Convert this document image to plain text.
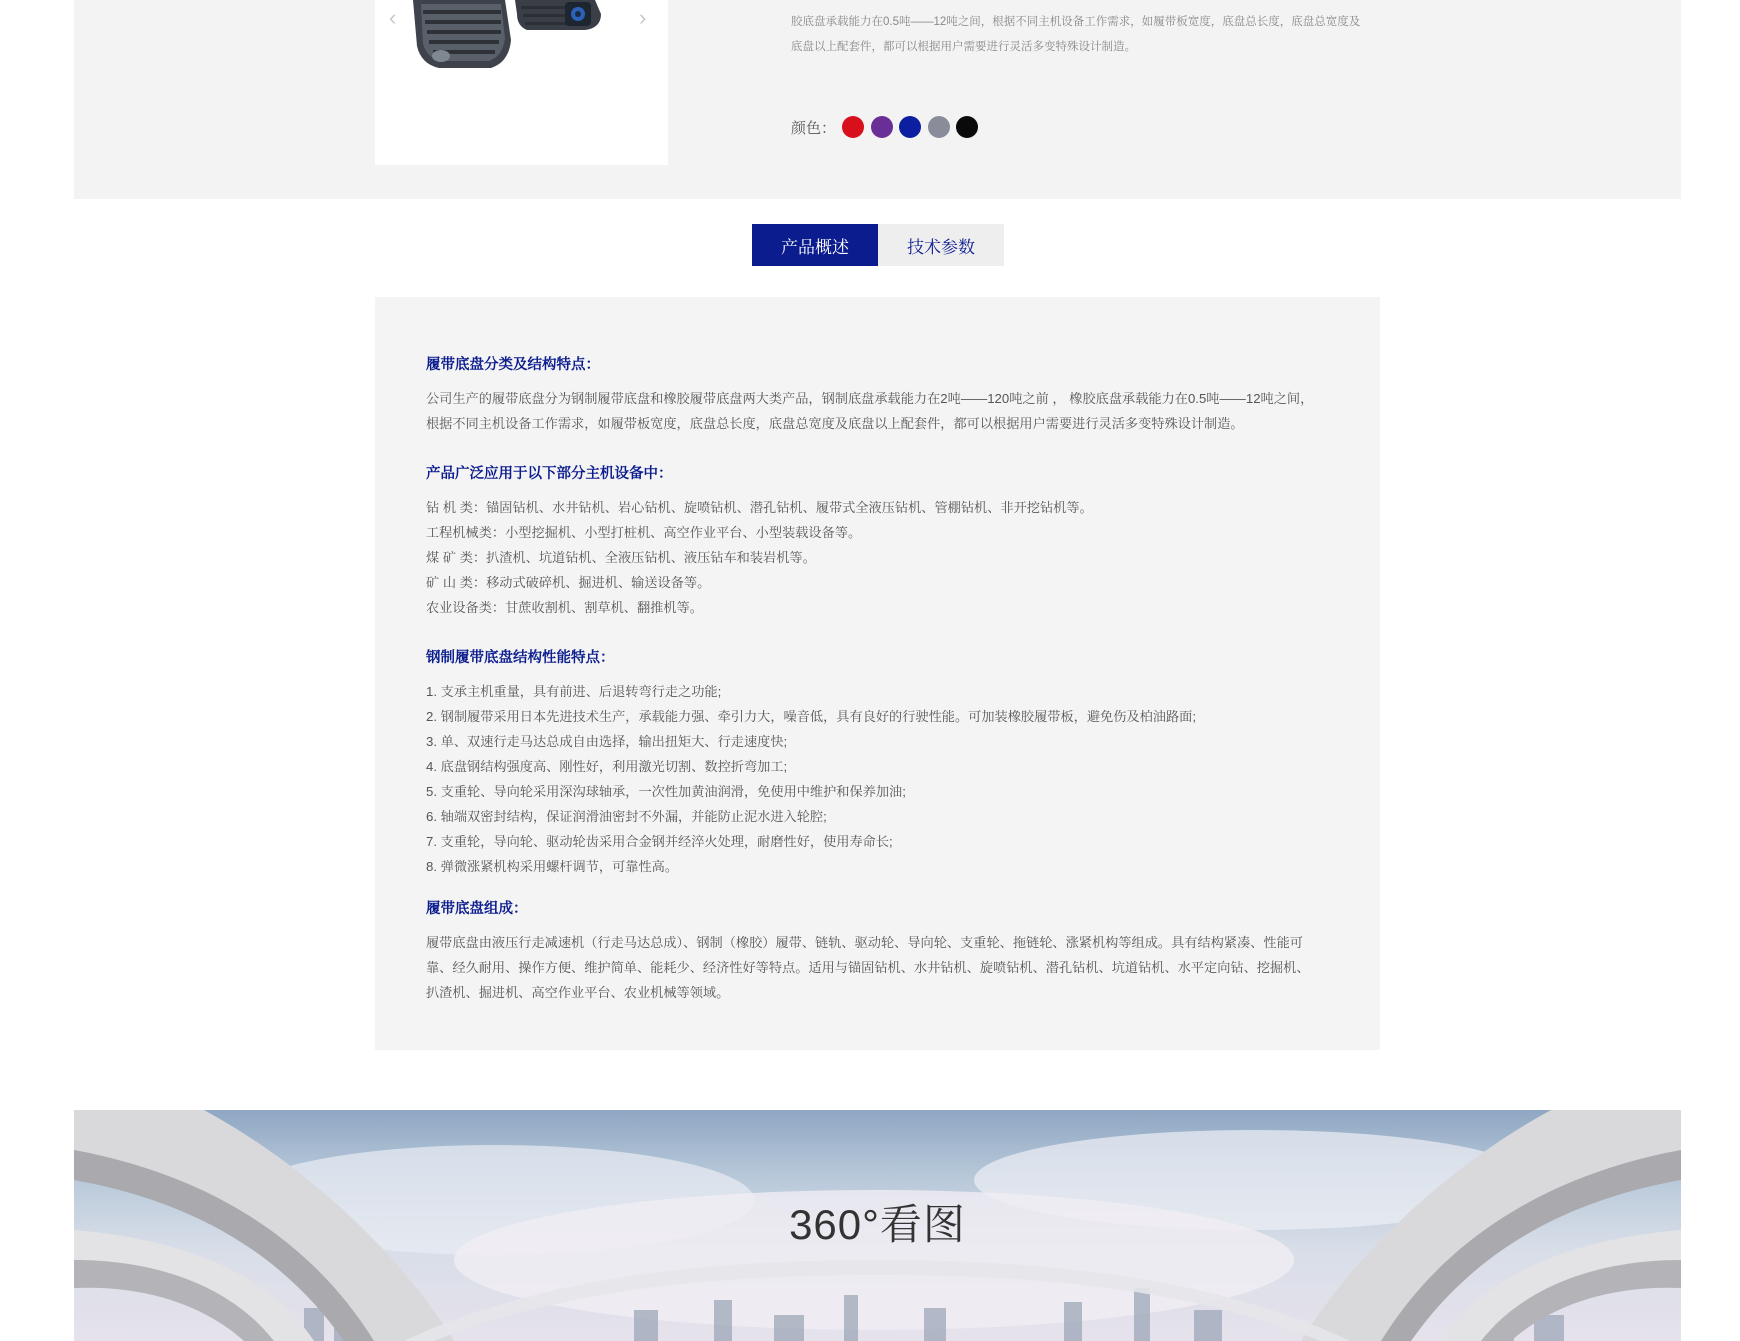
‹	›	胶底盘承载能力在0.5吨——12吨之间，根据不同主机设备工作需求，如履带板宽度，底盘总长度，底盘总宽度及
底盘以上配套件，都可以根据用户需要进行灵活多变特殊设计制造。
颜色：
产品概述	技术参数
履带底盘分类及结构特点：
公司生产的履带底盘分为钢制履带底盘和橡胶履带底盘两大类产品，钢制底盘承载能力在2吨——120吨之前 ， 橡胶底盘承载能力在0.5吨——12吨之间，
根据不同主机设备工作需求，如履带板宽度，底盘总长度，底盘总宽度及底盘以上配套件，都可以根据用户需要进行灵活多变特殊设计制造。
产品广泛应用于以下部分主机设备中：
钻 机 类：锚固钻机、水井钻机、岩心钻机、旋喷钻机、潜孔钻机、履带式全液压钻机、管棚钻机、非开挖钻机等。
工程机械类：小型挖掘机、小型打桩机、高空作业平台、小型装载设备等。
煤 矿 类：扒渣机、坑道钻机、全液压钻机、液压钻车和装岩机等。
矿 山 类：移动式破碎机、掘进机、输送设备等。
农业设备类：甘蔗收割机、割草机、翻推机等。
钢制履带底盘结构性能特点：
1. 支承主机重量，具有前进、后退转弯行走之功能;
2. 钢制履带采用日本先进技术生产，承载能力强、牵引力大，噪音低，具有良好的行驶性能。可加装橡胶履带板，避免伤及柏油路面;
3. 单、双速行走马达总成自由选择，输出扭矩大、行走速度快;
4. 底盘钢结构强度高、刚性好，利用激光切割、数控折弯加工;
5. 支重轮、导向轮采用深沟球轴承，一次性加黄油润滑，免使用中维护和保养加油;
6. 轴端双密封结构，保证润滑油密封不外漏，并能防止泥水进入轮腔;
7. 支重轮，导向轮、驱动轮齿采用合金钢并经淬火处理，耐磨性好，使用寿命长;
8. 弹微涨紧机构采用螺杆调节，可靠性高。
履带底盘组成：
履带底盘由液压行走减速机（行走马达总成）、钢制（橡胶）履带、链轨、驱动轮、导向轮、支重轮、拖链轮、涨紧机构等组成。具有结构紧凑、性能可
靠、经久耐用、操作方便、维护简单、能耗少、经济性好等特点。适用与锚固钻机、水井钻机、旋喷钻机、潜孔钻机、坑道钻机、水平定向钻、挖掘机、
扒渣机、掘进机、高空作业平台、农业机械等领域。
360°看图
